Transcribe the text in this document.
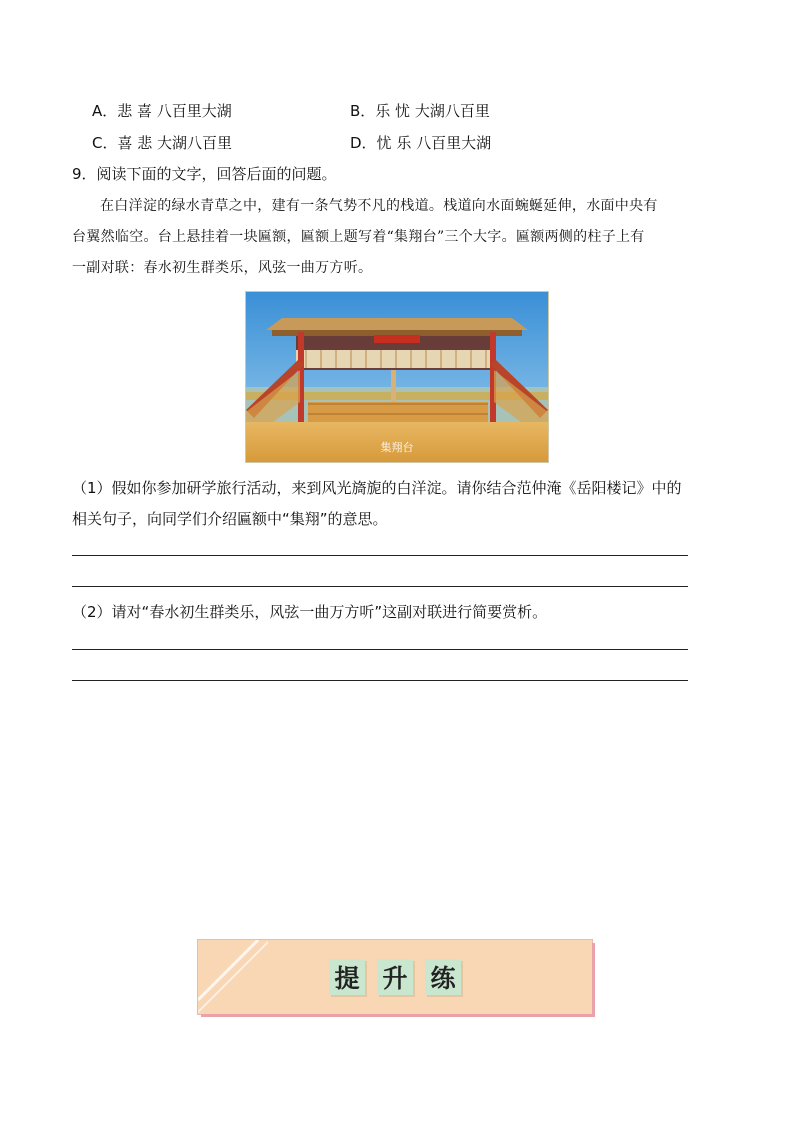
A．悲 喜 八百里大湖	B．乐 忧 大湖八百里
C．喜 悲 大湖八百里	D．忧 乐 八百里大湖
9．阅读下面的文字，回答后面的问题。
在白洋淀的绿水青草之中，建有一条气势不凡的栈道。栈道向水面蜿蜒延伸，水面中央有
台翼然临空。台上悬挂着一块匾额，匾额上题写着“集翔台”三个大字。匾额两侧的柱子上有
一副对联：春水初生群类乐，风弦一曲万方听。
集翔台
（1）假如你参加研学旅行活动，来到风光旖旎的白洋淀。请你结合范仲淹《岳阳楼记》中的
相关句子，向同学们介绍匾额中“集翔”的意思。
（2）请对“春水初生群类乐，风弦一曲万方听”这副对联进行简要赏析。
提 升 练
